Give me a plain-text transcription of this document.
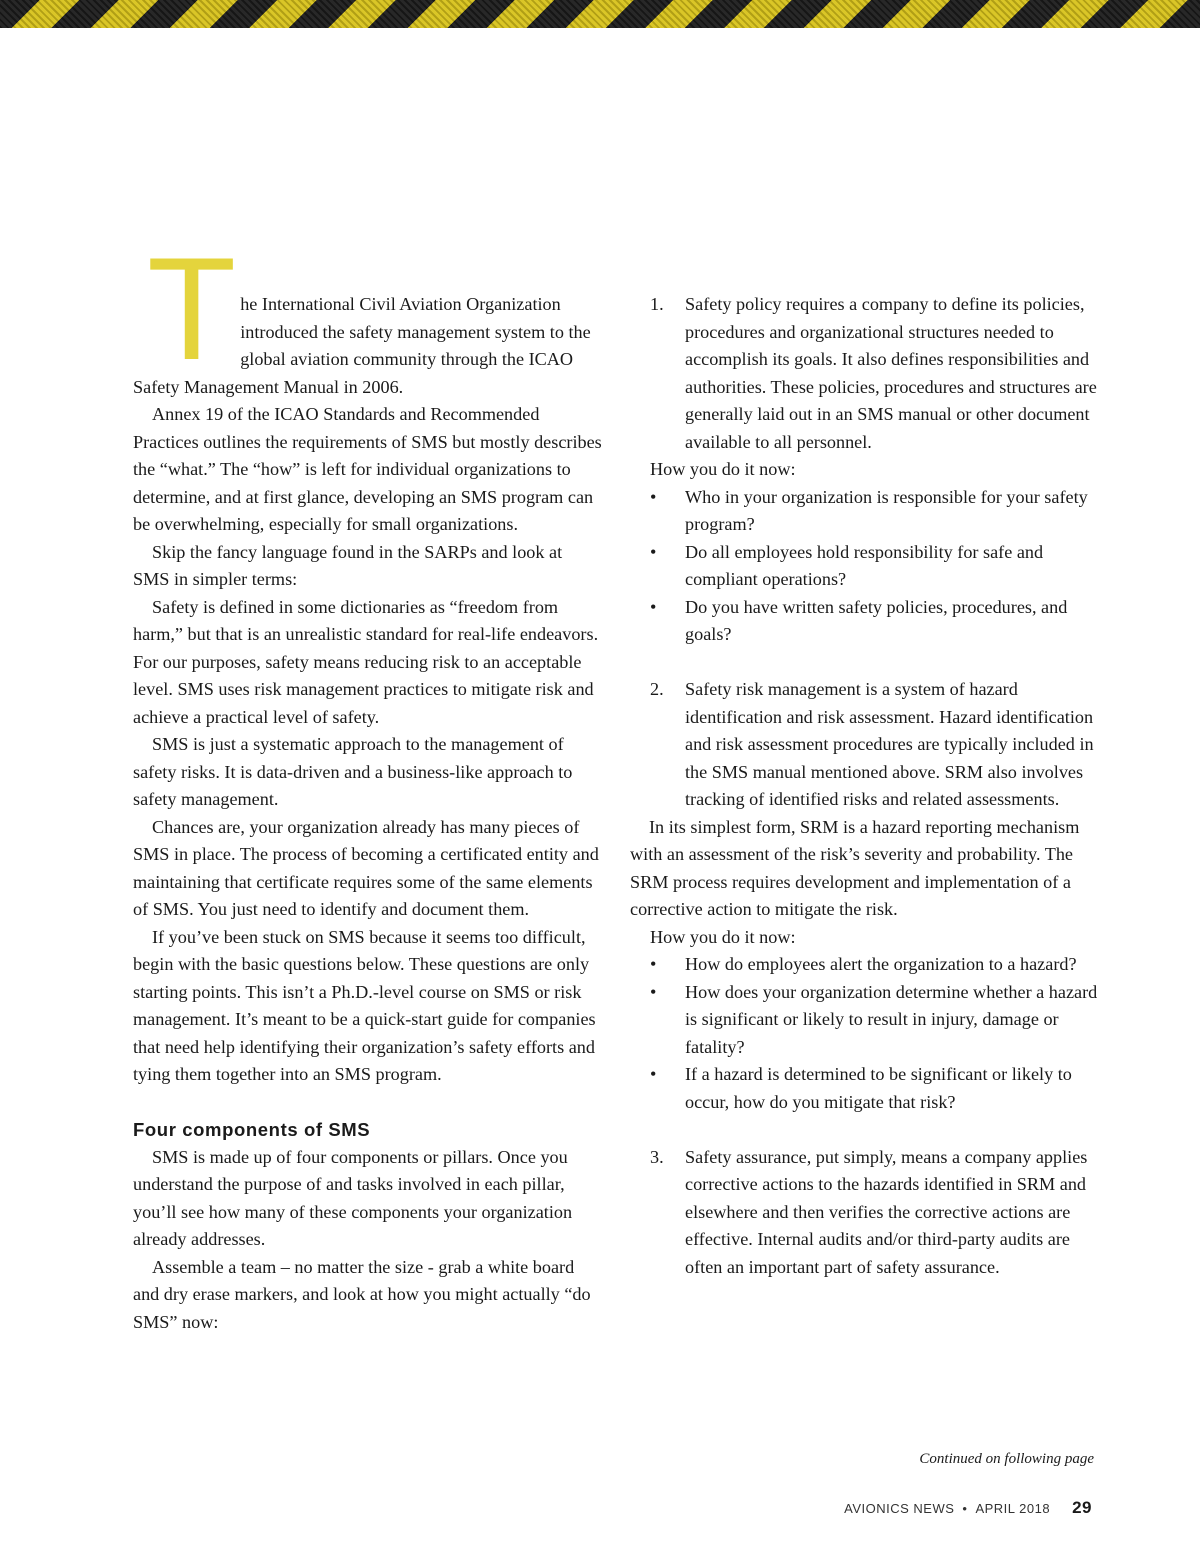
The International Civil Aviation Organization introduced the safety management system to the global aviation community through the ICAO Safety Management Manual in 2006.

Annex 19 of the ICAO Standards and Recommended Practices outlines the requirements of SMS but mostly describes the “what.” The “how” is left for individual organizations to determine, and at first glance, developing an SMS program can be overwhelming, especially for small organizations.

Skip the fancy language found in the SARPs and look at SMS in simpler terms:

Safety is defined in some dictionaries as “freedom from harm,” but that is an unrealistic standard for real-life endeavors. For our purposes, safety means reducing risk to an acceptable level. SMS uses risk management practices to mitigate risk and achieve a practical level of safety.

SMS is just a systematic approach to the management of safety risks. It is data-driven and a business-like approach to safety management.

Chances are, your organization already has many pieces of SMS in place. The process of becoming a certificated entity and maintaining that certificate requires some of the same elements of SMS. You just need to identify and document them.

If you’ve been stuck on SMS because it seems too difficult, begin with the basic questions below. These questions are only starting points. This isn’t a Ph.D.-level course on SMS or risk management. It’s meant to be a quick-start guide for companies that need help identifying their organization’s safety efforts and tying them together into an SMS program.

Four components of SMS

SMS is made up of four components or pillars. Once you understand the purpose of and tasks involved in each pillar, you’ll see how many of these components your organization already addresses.

Assemble a team – no matter the size - grab a white board and dry erase markers, and look at how you might actually “do SMS” now:

1. Safety policy requires a company to define its policies, procedures and organizational structures needed to accomplish its goals. It also defines responsibilities and authorities. These policies, procedures and structures are generally laid out in an SMS manual or other document available to all personnel.

How you do it now:

• Who in your organization is responsible for your safety program?
• Do all employees hold responsibility for safe and compliant operations?
• Do you have written safety policies, procedures, and goals?
2. Safety risk management is a system of hazard identification and risk assessment. Hazard identification and risk assessment procedures are typically included in the SMS manual mentioned above. SRM also involves tracking of identified risks and related assessments.

In its simplest form, SRM is a hazard reporting mechanism with an assessment of the risk’s severity and probability. The SRM process requires development and implementation of a corrective action to mitigate the risk.

How you do it now:

• How do employees alert the organization to a hazard?
• How does your organization determine whether a hazard is significant or likely to result in injury, damage or fatality?
• If a hazard is determined to be significant or likely to occur, how do you mitigate that risk?
3. Safety assurance, put simply, means a company applies corrective actions to the hazards identified in SRM and elsewhere and then verifies the corrective actions are effective. Internal audits and/or third-party audits are often an important part of safety assurance.
Continued on following page
AVIONICS NEWS • APRIL 2018 29
